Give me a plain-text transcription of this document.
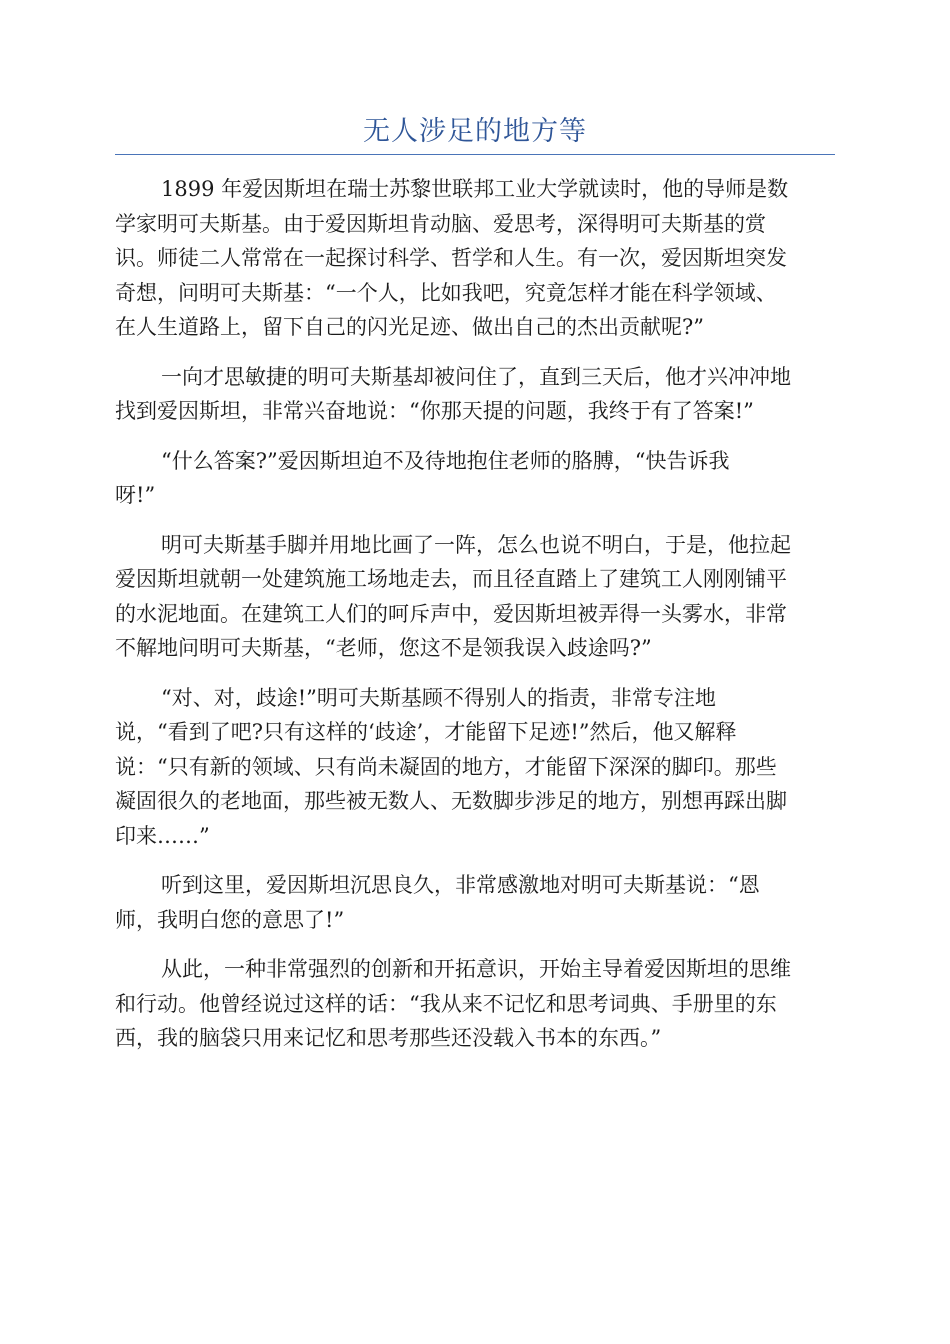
无人涉足的地方等

1899 年爱因斯坦在瑞士苏黎世联邦工业大学就读时，他的导师是数
学家明可夫斯基。由于爱因斯坦肯动脑、爱思考，深得明可夫斯基的赏
识。师徒二人常常在一起探讨科学、哲学和人生。有一次，爱因斯坦突发
奇想，问明可夫斯基：“一个人，比如我吧，究竟怎样才能在科学领域、
在人生道路上，留下自己的闪光足迹、做出自己的杰出贡献呢?”

一向才思敏捷的明可夫斯基却被问住了，直到三天后，他才兴冲冲地
找到爱因斯坦，非常兴奋地说：“你那天提的问题，我终于有了答案!”

“什么答案?”爱因斯坦迫不及待地抱住老师的胳膊，“快告诉我
呀!”

明可夫斯基手脚并用地比画了一阵，怎么也说不明白，于是，他拉起
爱因斯坦就朝一处建筑施工场地走去，而且径直踏上了建筑工人刚刚铺平
的水泥地面。在建筑工人们的呵斥声中，爱因斯坦被弄得一头雾水，非常
不解地问明可夫斯基，“老师，您这不是领我误入歧途吗?”

“对、对，歧途!”明可夫斯基顾不得别人的指责，非常专注地
说，“看到了吧?只有这样的‘歧途’，才能留下足迹!”然后，他又解释
说：“只有新的领域、只有尚未凝固的地方，才能留下深深的脚印。那些
凝固很久的老地面，那些被无数人、无数脚步涉足的地方，别想再踩出脚
印来……”

听到这里，爱因斯坦沉思良久，非常感激地对明可夫斯基说：“恩
师，我明白您的意思了!”

从此，一种非常强烈的创新和开拓意识，开始主导着爱因斯坦的思维
和行动。他曾经说过这样的话：“我从来不记忆和思考词典、手册里的东
西，我的脑袋只用来记忆和思考那些还没载入书本的东西。”
